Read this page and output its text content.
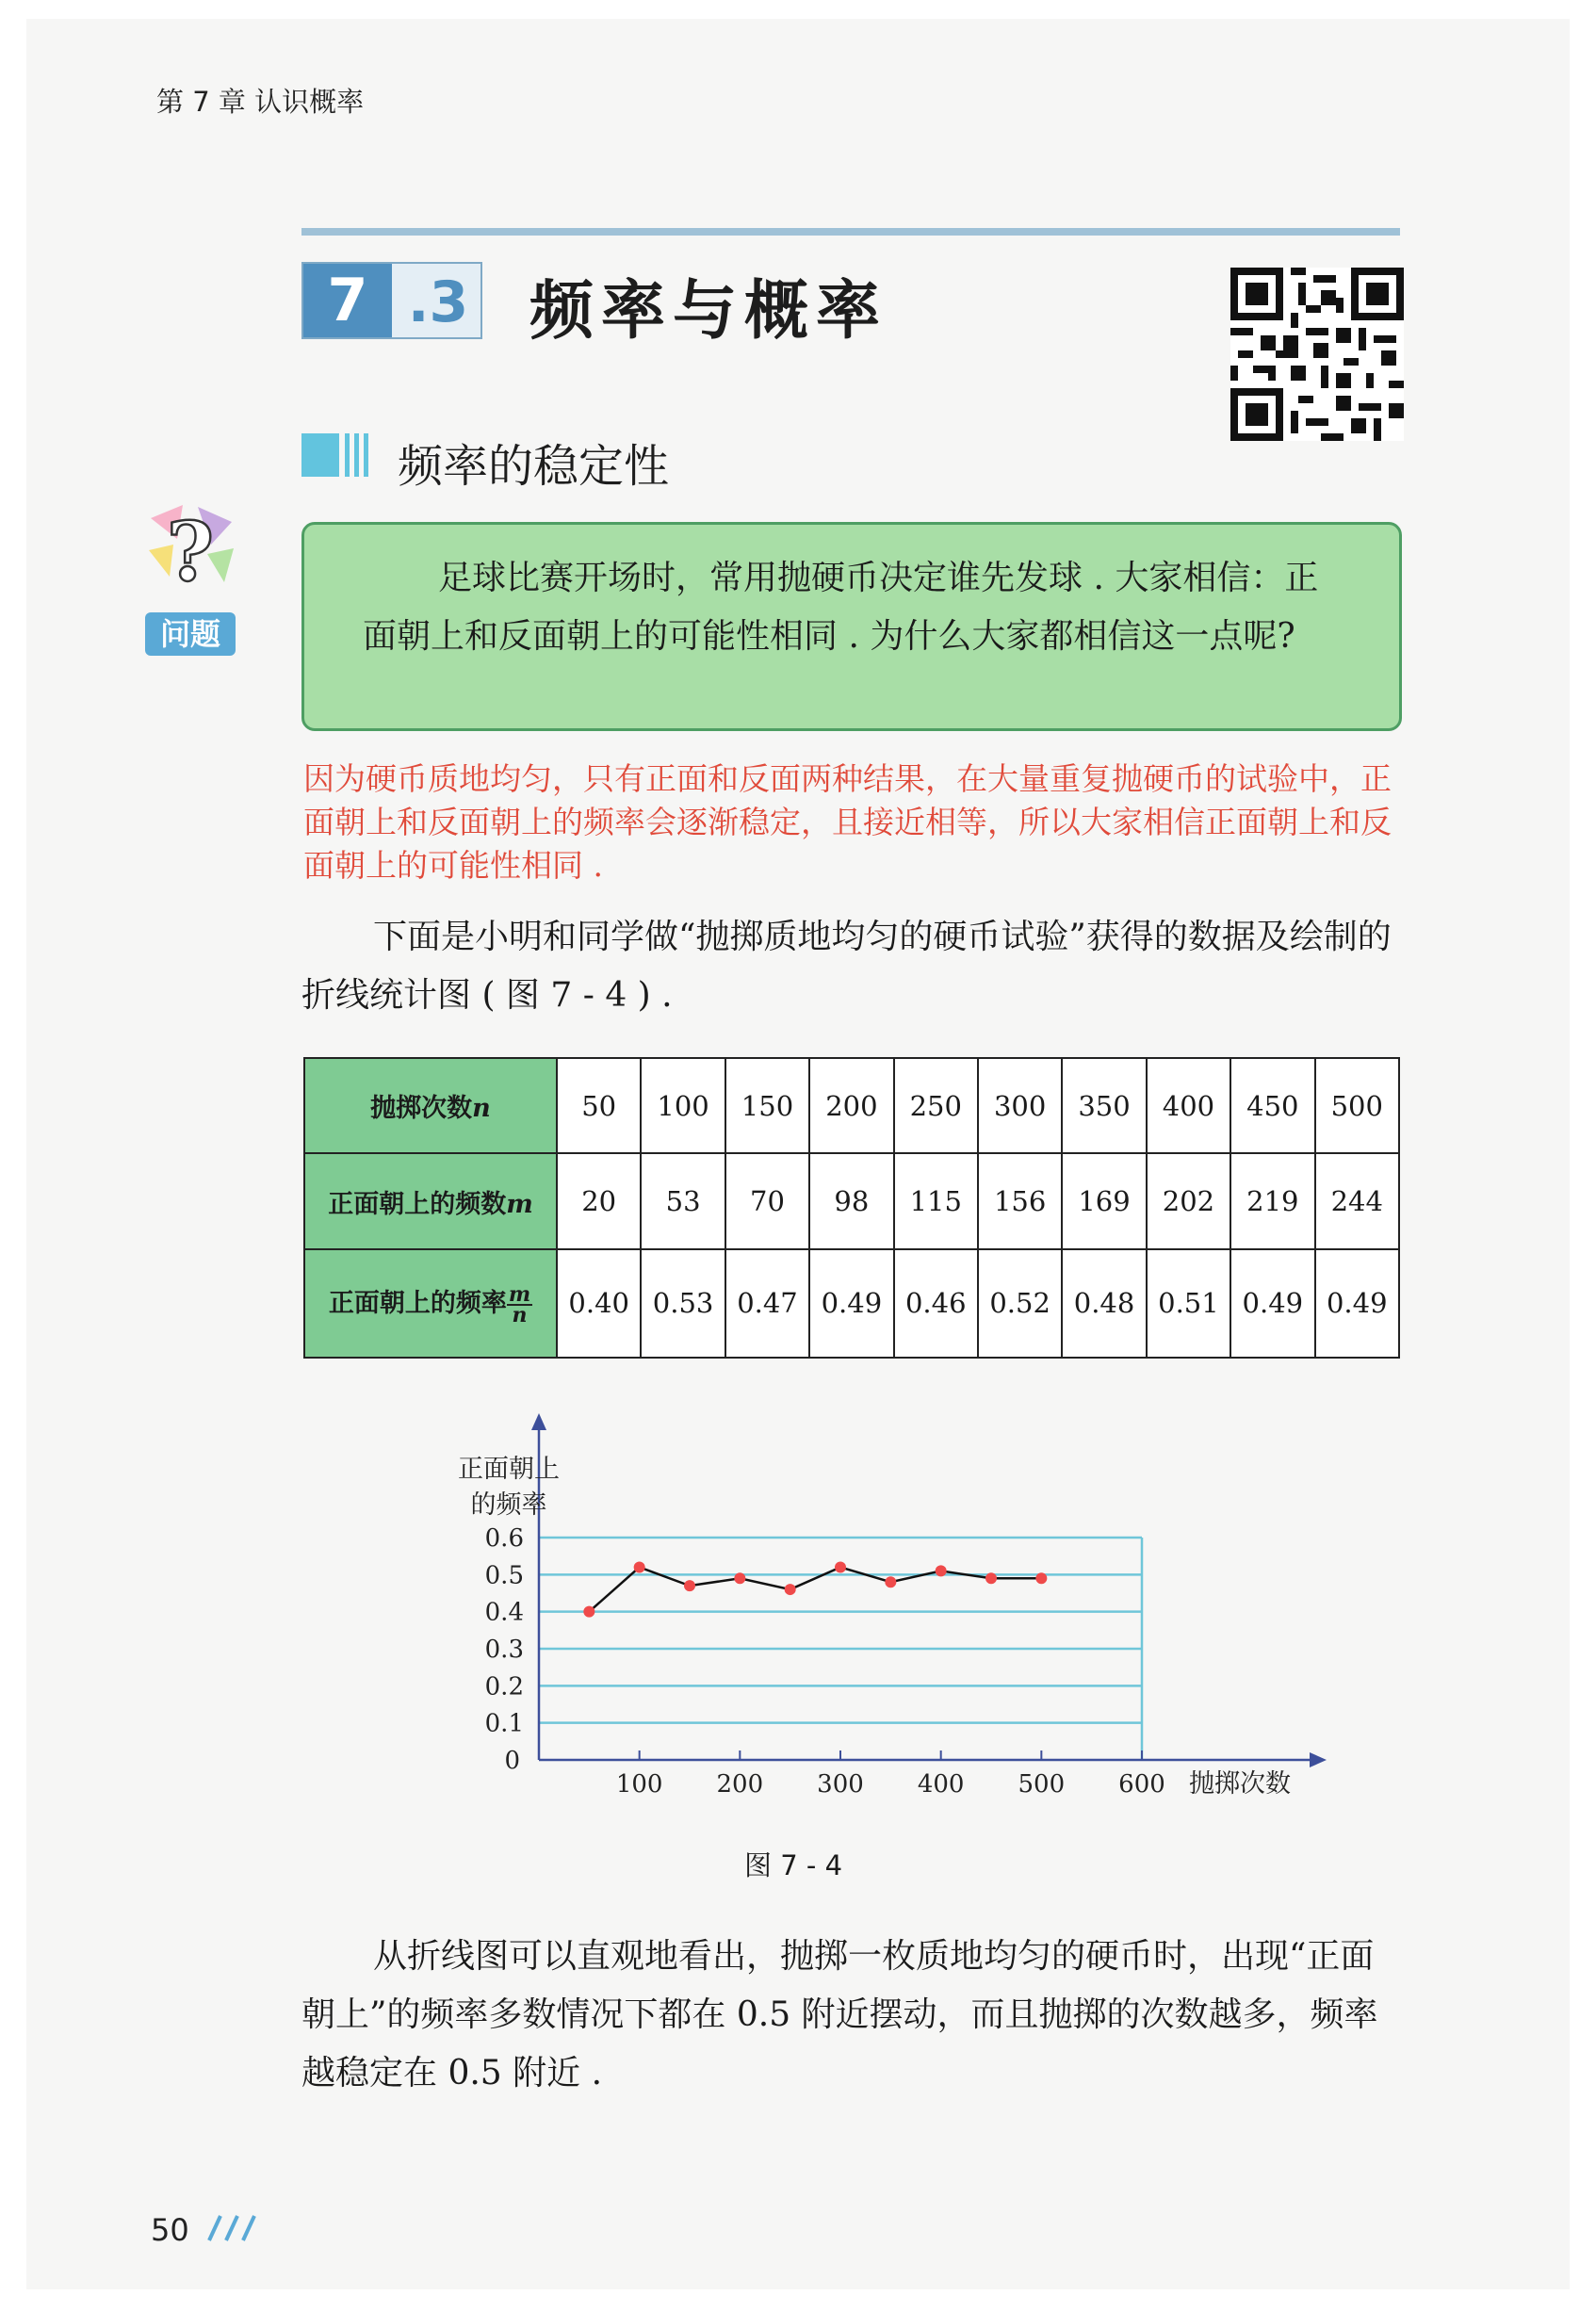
第 7 章 认识概率
7 .3 频率与概率
频率的稳定性
?
问题
足球比赛开场时，常用抛硬币决定谁先发球 . 大家相信：正面朝上和反面朝上的可能性相同 . 为什么大家都相信这一点呢?
因为硬币质地均匀，只有正面和反面两种结果，在大量重复抛硬币的试验中，正面朝上和反面朝上的频率会逐渐稳定，且接近相等，所以大家相信正面朝上和反面朝上的可能性相同 .
下面是小明和同学做“抛掷质地均匀的硬币试验”获得的数据及绘制的折线统计图 ( 图 7 - 4 ) .
抛掷次数n	50	100	150	200	250	300	350	400	450	500
正面朝上的频数m	20	53	70	98	115	156	169	202	219	244
正面朝上的频率 $\frac{m}{n}$	0.40	0.53	0.47	0.49	0.46	0.52	0.48	0.51	0.49	0.49
100 200 300 400 500 600
0
0.1
0.2
0.3
0.4
0.5
0.6
抛掷次数
正面朝上
的频率
图 7 - 4
从折线图可以直观地看出，抛掷一枚质地均匀的硬币时，出现“正面朝上”的频率多数情况下都在 0.5 附近摆动，而且抛掷的次数越多，频率越稳定在 0.5 附近 .
50
